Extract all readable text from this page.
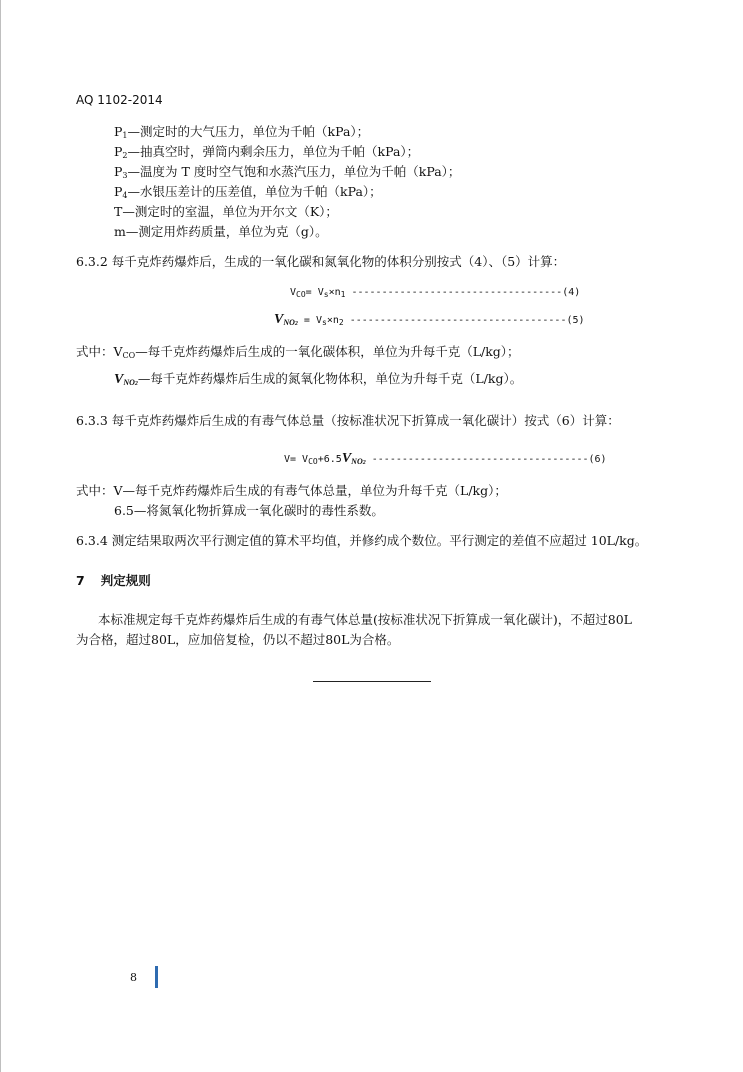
AQ 1102-2014
$P_1—$测定时的大气压力，单位为千帕（kPa）；
$P_2—$抽真空时，弹筒内剩余压力，单位为千帕（kPa）；
$P_3—$温度为 T 度时空气饱和水蒸汽压力，单位为千帕（kPa）；
$P_4—$水银压差计的压差值，单位为千帕（kPa）；
T—测定时的室温，单位为开尔文（K）；
m—测定用炸药质量，单位为克（g）。
6.3.2 每千克炸药爆炸后，生成的一氧化碳和氮氧化物的体积分别按式（4）、（5）计算：
$V_{CO}= V_s\times n_1$ -----------------------------------(4)
$V_{NO2} = V_s\times n_2$ ------------------------------------(5)
式中：$V_{CO}—$每千克炸药爆炸后生成的一氧化碳体积，单位为升每千克（L/kg）；
$V_{NO2}—$每千克炸药爆炸后生成的氮氧化物体积，单位为升每千克（L/kg）。
6.3.3 每千克炸药爆炸后生成的有毒气体总量（按标准状况下折算成一氧化碳计）按式（6）计算：
$V= V_{CO}+6.5V_{NO2}$ ------------------------------------(6)
式中：V—每千克炸药爆炸后生成的有毒气体总量，单位为升每千克（L/kg）；
6.5—将氮氧化物折算成一氧化碳时的毒性系数。
6.3.4 测定结果取两次平行测定值的算术平均值，并修约成个数位。平行测定的差值不应超过 10L/kg。
7 判定规则
本标准规定每千克炸药爆炸后生成的有毒气体总量(按标准状况下折算成一氧化碳计)，不超过80L
为合格，超过80L，应加倍复检，仍以不超过80L为合格。
8
